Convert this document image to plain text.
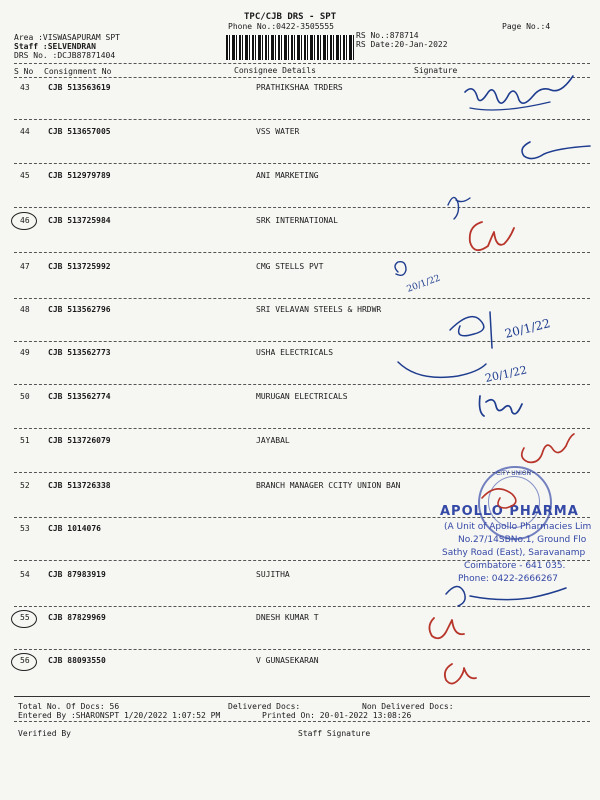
TPC/CJB DRS - SPT
Phone No.:0422-3505555	Page No.:4
Area :VISWASAPURAM SPT
Staff :SELVENDRAN
DRS No. :DCJB87871404
RS No.:878714
RS Date:20-Jan-2022
S No Consignment No	Consignee Details	Signature
43 CJB 513563619	PRATHIKSHAA TRDERS
44 CJB 513657005	VSS WATER
45 CJB 512979789	ANI MARKETING
46 CJB 513725984	SRK INTERNATIONAL
47 CJB 513725992	CMG STELLS PVT
48 CJB 513562796	SRI VELAVAN STEELS & HRDWR
49 CJB 513562773	USHA ELECTRICALS
50 CJB 513562774	MURUGAN ELECTRICALS
51 CJB 513726079	JAYABAL
52 CJB 513726338	BRANCH MANAGER CCITY UNION BAN
53 CJB 1014076
54 CJB 87983919	SUJITHA
55 CJB 87829969	DNESH KUMAR T
56 CJB 88093550	V GUNASEKARAN
Total No. Of Docs: 56	Delivered Docs:	Non Delivered Docs:
Entered By :SHARONSPT 1/20/2022 1:07:52 PM	Printed On: 20-01-2022 13:08:26
Verified By	Staff Signature
CITY UNION
APOLLO PHARMA
(A Unit of Apollo Pharmacies Lim
No.27/14SBNo.1, Ground Flo
Sathy Road (East), Saravanamp
Coimbatore - 641 035.
Phone: 0422-2666267
20/1/22
20/1/22
20/1/22
